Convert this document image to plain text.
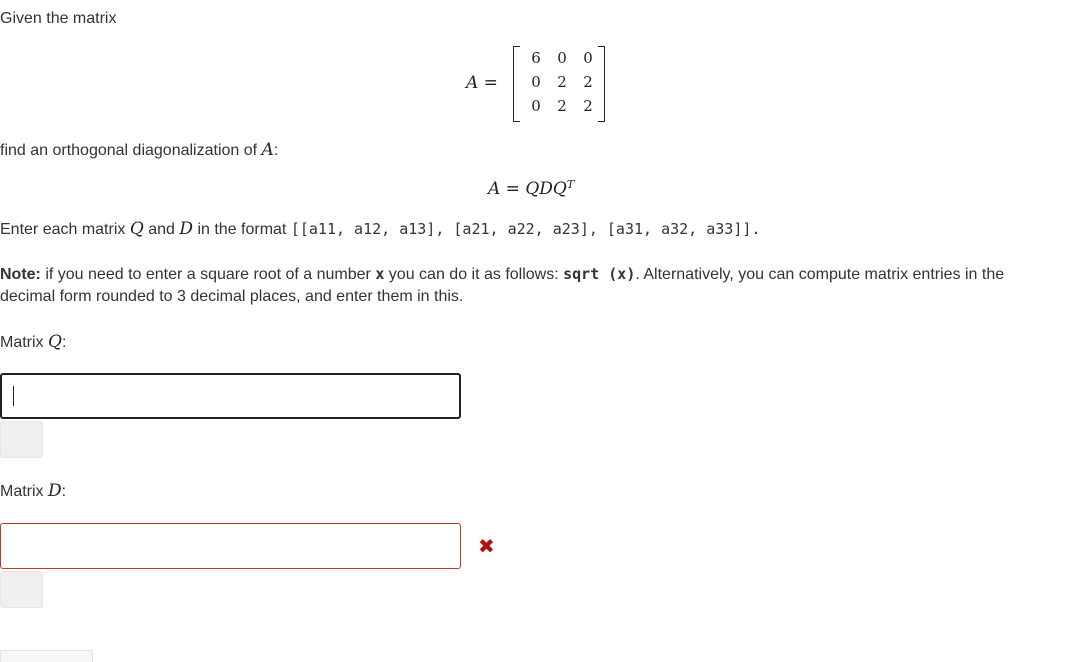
Given the matrix
A =
6	0	0
0	2	2
0	2	2
find an orthogonal diagonalization of A:
$A = QDQ^T$
Enter each matrix Q and D in the format [[a11, a12, a13], [a21, a22, a23], [a31, a32, a33]].
Note: if you need to enter a square root of a number x you can do it as follows: sqrt (x). Alternatively, you can compute matrix entries in the
decimal form rounded to 3 decimal places, and enter them in this.
Matrix Q:
Matrix D:
✖
